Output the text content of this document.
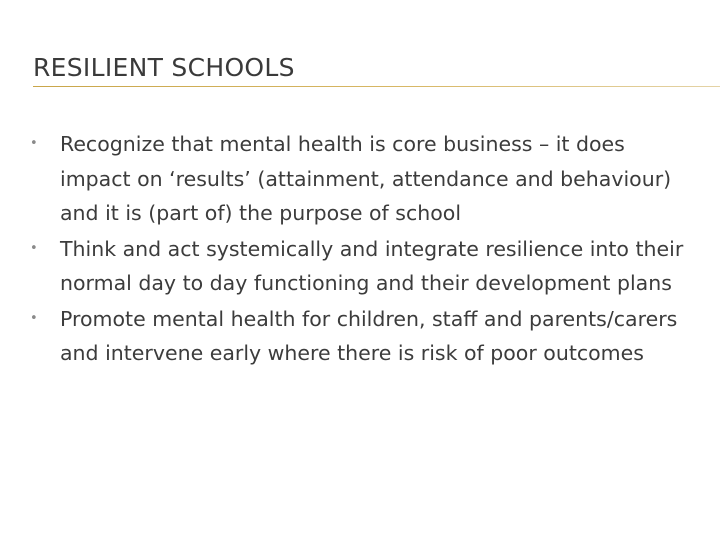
RESILIENT SCHOOLS
• Recognize that mental health is core business – it does impact on ‘results’ (attainment, attendance and behaviour) and it is (part of) the purpose of school
• Think and act systemically and integrate resilience into their normal day to day functioning and their development plans
• Promote mental health for children, staff and parents/carers and intervene early where there is risk of poor outcomes
